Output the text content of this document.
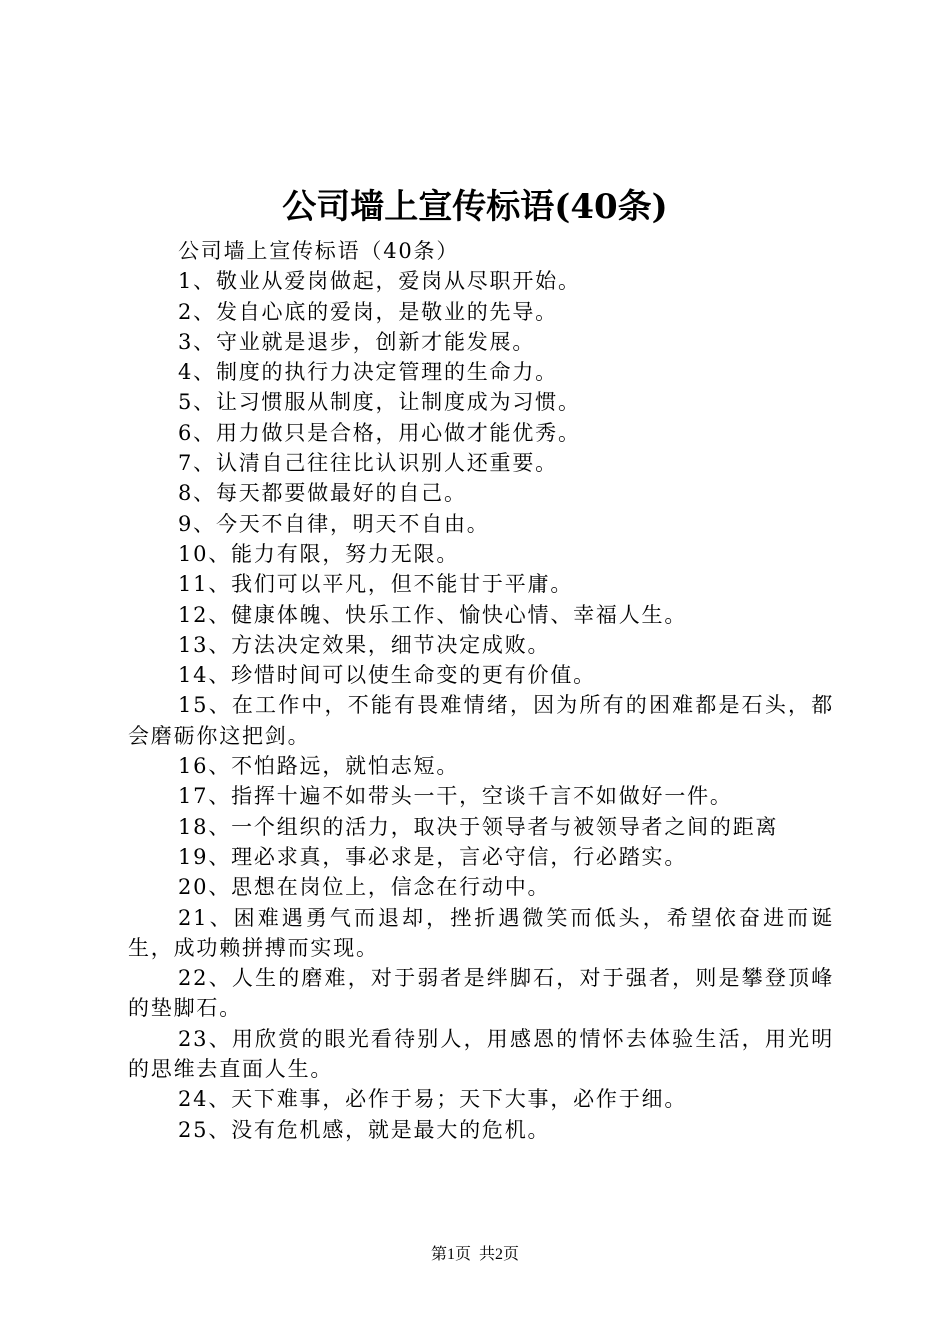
公司墙上宣传标语(40条)

公司墙上宣传标语（40条）

1、敬业从爱岗做起，爱岗从尽职开始。

2、发自心底的爱岗，是敬业的先导。

3、守业就是退步，创新才能发展。

4、制度的执行力决定管理的生命力。

5、让习惯服从制度，让制度成为习惯。

6、用力做只是合格，用心做才能优秀。

7、认清自己往往比认识别人还重要。

8、每天都要做最好的自己。

9、今天不自律，明天不自由。

10、能力有限，努力无限。

11、我们可以平凡，但不能甘于平庸。

12、健康体魄、快乐工作、愉快心情、幸福人生。

13、方法决定效果，细节决定成败。

14、珍惜时间可以使生命变的更有价值。

15、在工作中，不能有畏难情绪，因为所有的困难都是石头，都会磨砺你这把剑。

16、不怕路远，就怕志短。

17、指挥十遍不如带头一干，空谈千言不如做好一件。

18、一个组织的活力，取决于领导者与被领导者之间的距离

19、理必求真，事必求是，言必守信，行必踏实。

20、思想在岗位上，信念在行动中。

21、困难遇勇气而退却，挫折遇微笑而低头，希望依奋进而诞生，成功赖拼搏而实现。

22、人生的磨难，对于弱者是绊脚石，对于强者，则是攀登顶峰的垫脚石。

23、用欣赏的眼光看待别人，用感恩的情怀去体验生活，用光明的思维去直面人生。

24、天下难事，必作于易；天下大事，必作于细。

25、没有危机感，就是最大的危机。

第1页 共2页
